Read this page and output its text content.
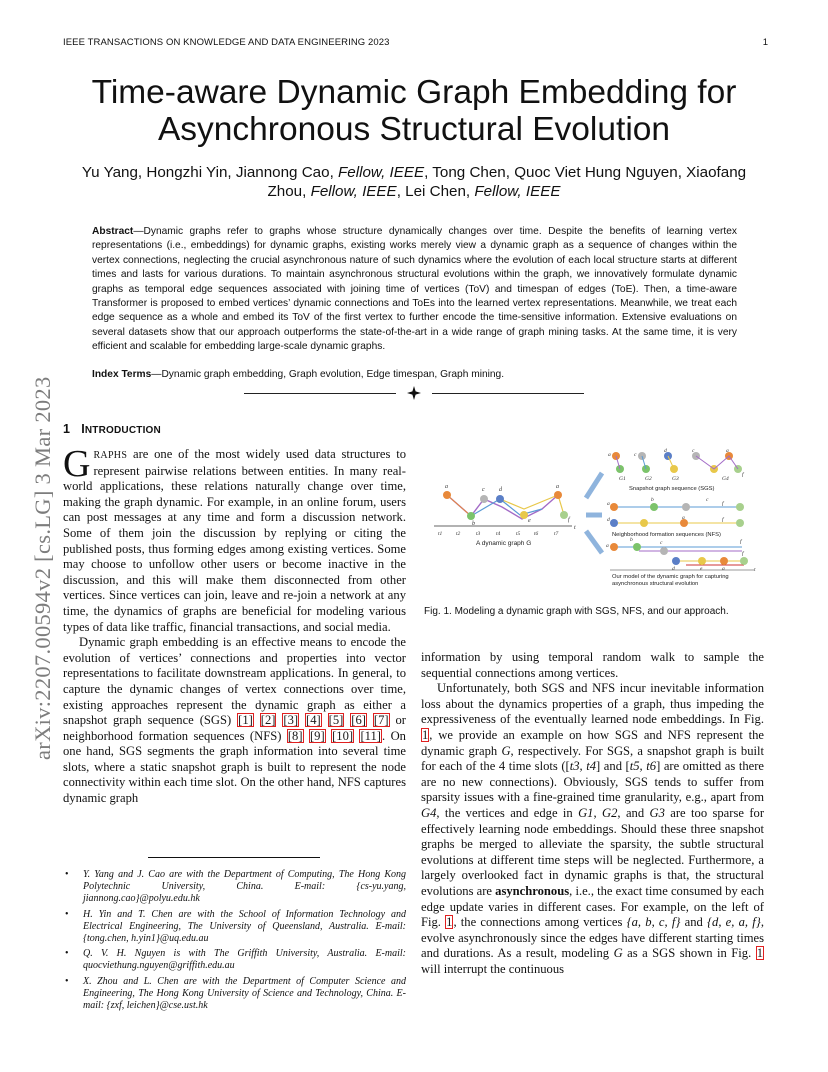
IEEE TRANSACTIONS ON KNOWLEDGE AND DATA ENGINEERING 2023	1
arXiv:2207.00594v2 [cs.LG] 3 Mar 2023
Time-aware Dynamic Graph Embedding for Asynchronous Structural Evolution
Yu Yang, Hongzhi Yin, Jiannong Cao, Fellow, IEEE, Tong Chen, Quoc Viet Hung Nguyen, Xiaofang Zhou, Fellow, IEEE, Lei Chen, Fellow, IEEE
Abstract—Dynamic graphs refer to graphs whose structure dynamically changes over time. Despite the benefits of learning vertex representations (i.e., embeddings) for dynamic graphs, existing works merely view a dynamic graph as a sequence of changes within the vertex connections, neglecting the crucial asynchronous nature of such dynamics where the evolution of each local structure starts at different times and lasts for various durations. To maintain asynchronous structural evolutions within the graph, we innovatively formulate dynamic graphs as temporal edge sequences associated with joining time of vertices (ToV) and timespan of edges (ToE). Then, a time-aware Transformer is proposed to embed vertices’ dynamic connections and ToEs into the learned vertex representations. Meanwhile, we treat each edge sequence as a whole and embed its ToV of the first vertex to further encode the time-sensitive information. Extensive evaluations on several datasets show that our approach outperforms the state-of-the-art in a wide range of graph mining tasks. At the same time, it is very efficient and scalable for embedding large-scale dynamic graphs.
Index Terms—Dynamic graph embedding, Graph evolution, Edge timespan, Graph mining.
1 INTRODUCTION

GRAPHS are one of the most widely used data structures to represent pairwise relations between entities. In many real-world applications, these relations naturally change over time, making the graph dynamic. For example, in an online forum, users can post messages at any time and form a discussion network. Some of them join the discussion by replying or citing the published posts, thus forming edges among existing vertices. Some may choose to unfollow other users or become inactive in the discussion, and this will make them disconnected from other vertices. Since vertices can join, leave and re-join a network at any time, the dynamics of graphs are beneficial for modeling various types of data like traffic, financial transactions, and social media.

Dynamic graph embedding is an effective means to encode the evolution of vertices’ connections and properties into vector representations to facilitate downstream applications. In general, to capture the dynamic changes of vertex connections over time, existing approaches represent the dynamic graph as either a snapshot graph sequence (SGS) [1] [2] [3] [4] [5] [6] [7] or neighborhood formation sequences (NFS) [8] [9] [10] [11]. On one hand, SGS segments the graph information into several time slots, where a static snapshot graph is built to represent the node connectivity within each time slot. On the other hand, NFS captures dynamic graph

• Y. Yang and J. Cao are with the Department of Computing, The Hong Kong Polytechnic University, China. E-mail: {cs-yu.yang, jiannong.cao}@polyu.edu.hk
• H. Yin and T. Chen are with the School of Information Technology and Electrical Engineering, The University of Queensland, Australia. E-mail: {tong.chen, h.yin1}@uq.edu.au
• Q. V. H. Nguyen is with The Griffith University, Australia. E-mail: quocviethung.nguyen@griffith.edu.au
• X. Zhou and L. Chen are with the Department of Computer Science and Engineering, The Hong Kong University of Science and Technology, China. E-mail: {zxf, leichen}@cse.ust.hk
a
b
c d
e
a
f
t
t1 t2	t3	t4	t5 t6	t7
A dynamic graph G
a	c
d	c	a
f
G1	G2	G3	G4
Snapshot graph sequence (SGS)
a
b	c
f
d	a	f
Neighborhood formation sequences (NFS)
a
b	c	f
d	e	a
f
t
Our model of the dynamic graph for capturing
asynchronous structural evolution
Fig. 1. Modeling a dynamic graph with SGS, NFS, and our approach.

information by using temporal random walk to sample the sequential connections among vertices.

Unfortunately, both SGS and NFS incur inevitable information loss about the dynamics properties of a graph, thus impeding the expressiveness of the eventually learned node embeddings. In Fig. 1, we provide an example on how SGS and NFS represent the dynamic graph G, respectively. For SGS, a snapshot graph is built for each of the 4 time slots ([t3, t4] and [t5, t6] are omitted as there are no new connections). Obviously, SGS tends to suffer from sparsity issues with a fine-grained time granularity, e.g., apart from G4, the vertices and edge in G1, G2, and G3 are too sparse for effectively learning node embeddings. Should these three snapshot graphs be merged to alleviate the sparsity, the subtle structural evolutions at different time steps will be neglected. Furthermore, a largely overlooked fact in dynamic graphs is that, the structural evolutions are asynchronous, i.e., the exact time consumed by each edge update varies in different cases. For example, on the left of Fig. 1, the connections among vertices {a, b, c, f} and {d, e, a, f}, evolve asynchronously since the edges have different starting times and durations. As a result, modeling G as a SGS shown in Fig. 1 will interrupt the continuous
